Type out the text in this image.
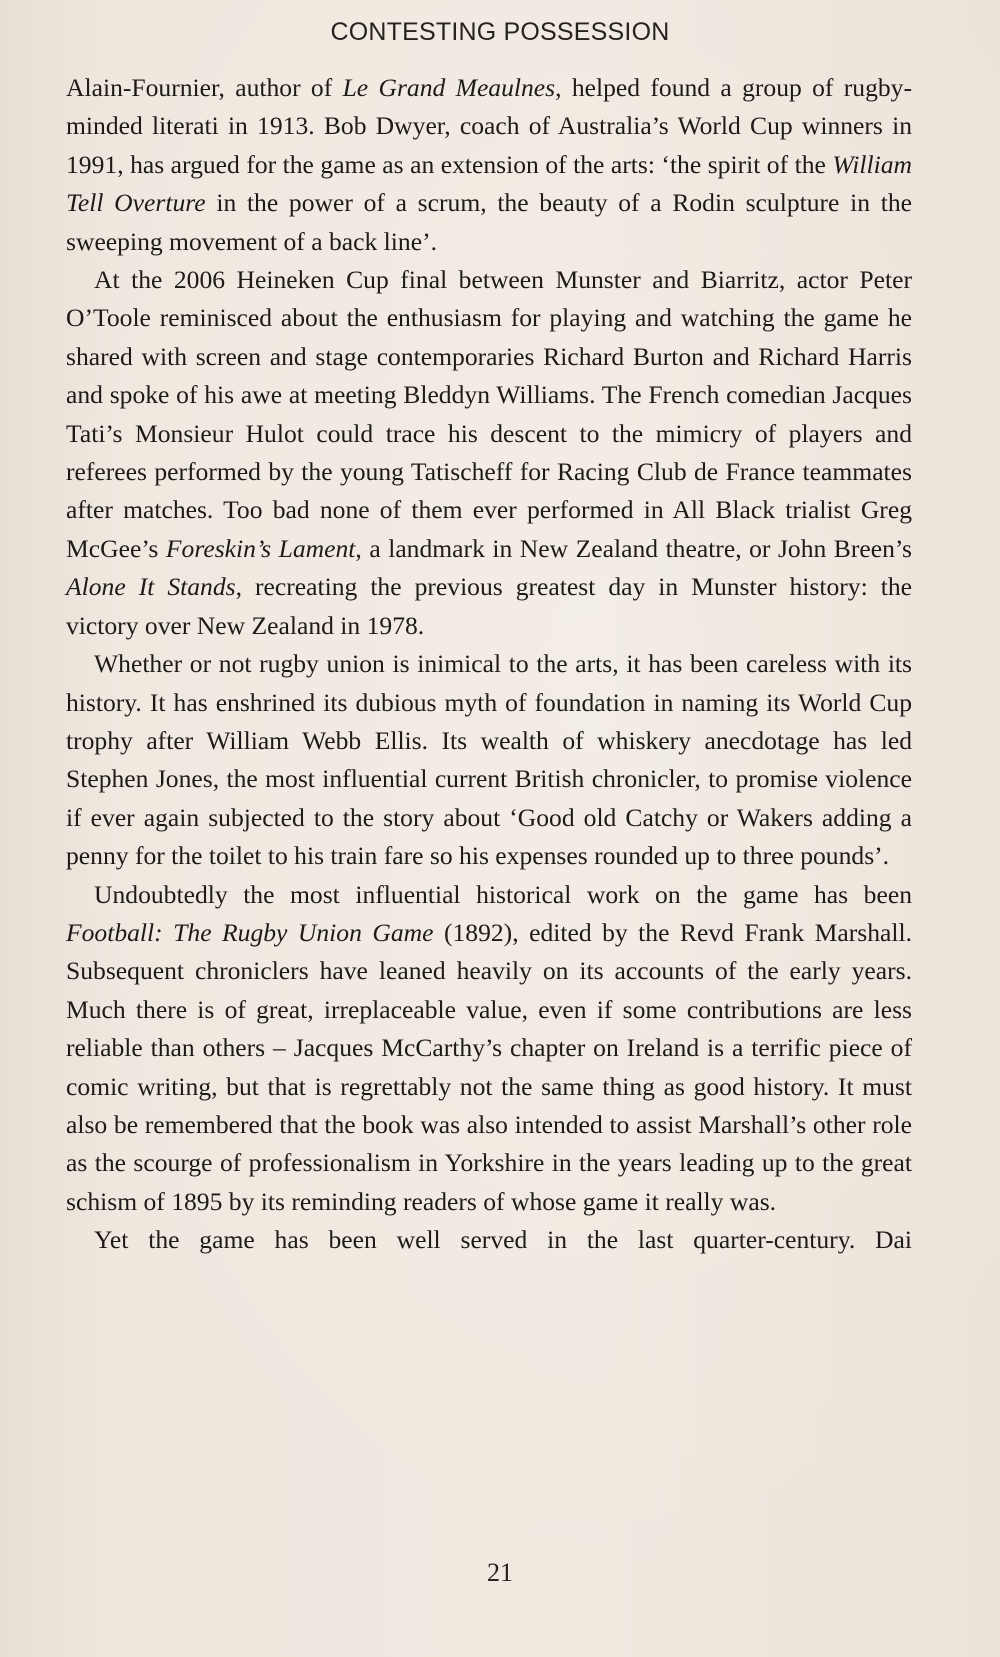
CONTESTING POSSESSION

Alain-Fournier, author of Le Grand Meaulnes, helped found a group of rugby-minded literati in 1913. Bob Dwyer, coach of Australia’s World Cup winners in 1991, has argued for the game as an extension of the arts: ‘the spirit of the William Tell Overture in the power of a scrum, the beauty of a Rodin sculpture in the sweeping movement of a back line’.

At the 2006 Heineken Cup final between Munster and Biarritz, actor Peter O’Toole reminisced about the enthusiasm for playing and watching the game he shared with screen and stage contemporaries Richard Burton and Richard Harris and spoke of his awe at meeting Bleddyn Williams. The French comedian Jacques Tati’s Monsieur Hulot could trace his descent to the mimicry of players and referees performed by the young Tatischeff for Racing Club de France teammates after matches. Too bad none of them ever performed in All Black trialist Greg McGee’s Foreskin’s Lament, a landmark in New Zealand theatre, or John Breen’s Alone It Stands, recreating the previous greatest day in Munster history: the victory over New Zealand in 1978.

Whether or not rugby union is inimical to the arts, it has been careless with its history. It has enshrined its dubious myth of foundation in naming its World Cup trophy after William Webb Ellis. Its wealth of whiskery anecdotage has led Stephen Jones, the most influential current British chronicler, to promise violence if ever again subjected to the story about ‘Good old Catchy or Wakers adding a penny for the toilet to his train fare so his expenses rounded up to three pounds’.

Undoubtedly the most influential historical work on the game has been Football: The Rugby Union Game (1892), edited by the Revd Frank Marshall. Subsequent chroniclers have leaned heavily on its accounts of the early years. Much there is of great, irreplaceable value, even if some contributions are less reliable than others – Jacques McCarthy’s chapter on Ireland is a terrific piece of comic writing, but that is regrettably not the same thing as good history. It must also be remembered that the book was also intended to assist Marshall’s other role as the scourge of professionalism in Yorkshire in the years leading up to the great schism of 1895 by its reminding readers of whose game it really was.

Yet the game has been well served in the last quarter-century. Dai

21
